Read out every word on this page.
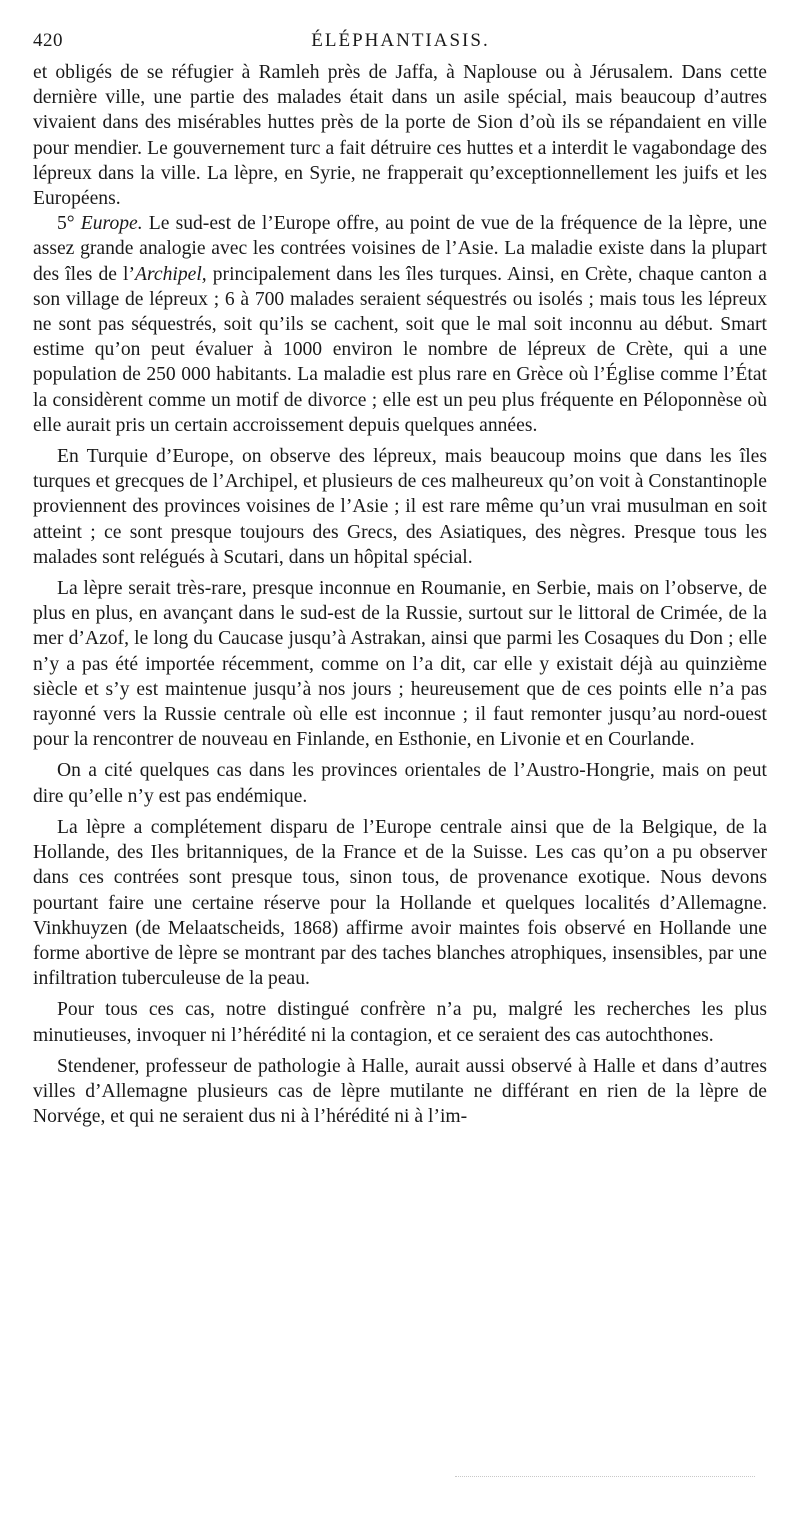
420	ÉLÉPHANTIASIS.

et obligés de se réfugier à Ramleh près de Jaffa, à Naplouse ou à Jérusalem. Dans cette dernière ville, une partie des malades était dans un asile spécial, mais beaucoup d’autres vivaient dans des misérables huttes près de la porte de Sion d’où ils se répandaient en ville pour mendier. Le gouvernement turc a fait détruire ces huttes et a interdit le vagabondage des lépreux dans la ville. La lèpre, en Syrie, ne frapperait qu’exceptionnellement les juifs et les Européens.

5° Europe. Le sud-est de l’Europe offre, au point de vue de la fréquence de la lèpre, une assez grande analogie avec les contrées voisines de l’Asie. La maladie existe dans la plupart des îles de l’Archipel, principalement dans les îles turques. Ainsi, en Crète, chaque canton a son village de lépreux ; 6 à 700 malades seraient séquestrés ou isolés ; mais tous les lépreux ne sont pas séquestrés, soit qu’ils se cachent, soit que le mal soit inconnu au début. Smart estime qu’on peut évaluer à 1000 environ le nombre de lépreux de Crète, qui a une population de 250 000 habitants. La maladie est plus rare en Grèce où l’Église comme l’État la considèrent comme un motif de divorce ; elle est un peu plus fréquente en Péloponnèse où elle aurait pris un certain accroissement depuis quelques années.

En Turquie d’Europe, on observe des lépreux, mais beaucoup moins que dans les îles turques et grecques de l’Archipel, et plusieurs de ces malheureux qu’on voit à Constantinople proviennent des provinces voisines de l’Asie ; il est rare même qu’un vrai musulman en soit atteint ; ce sont presque toujours des Grecs, des Asiatiques, des nègres. Presque tous les malades sont relégués à Scutari, dans un hôpital spécial.

La lèpre serait très-rare, presque inconnue en Roumanie, en Serbie, mais on l’observe, de plus en plus, en avançant dans le sud-est de la Russie, surtout sur le littoral de Crimée, de la mer d’Azof, le long du Caucase jusqu’à Astrakan, ainsi que parmi les Cosaques du Don ; elle n’y a pas été importée récemment, comme on l’a dit, car elle y existait déjà au quinzième siècle et s’y est maintenue jusqu’à nos jours ; heureusement que de ces points elle n’a pas rayonné vers la Russie centrale où elle est inconnue ; il faut remonter jusqu’au nord-ouest pour la rencontrer de nouveau en Finlande, en Esthonie, en Livonie et en Courlande.

On a cité quelques cas dans les provinces orientales de l’Austro-Hongrie, mais on peut dire qu’elle n’y est pas endémique.

La lèpre a complétement disparu de l’Europe centrale ainsi que de la Belgique, de la Hollande, des Iles britanniques, de la France et de la Suisse. Les cas qu’on a pu observer dans ces contrées sont presque tous, sinon tous, de provenance exotique. Nous devons pourtant faire une certaine réserve pour la Hollande et quelques localités d’Allemagne. Vinkhuyzen (de Melaatscheids, 1868) affirme avoir maintes fois observé en Hollande une forme abortive de lèpre se montrant par des taches blanches atrophiques, insensibles, par une infiltration tuberculeuse de la peau.

Pour tous ces cas, notre distingué confrère n’a pu, malgré les recherches les plus minutieuses, invoquer ni l’hérédité ni la contagion, et ce seraient des cas autochthones.

Stendener, professeur de pathologie à Halle, aurait aussi observé à Halle et dans d’autres villes d’Allemagne plusieurs cas de lèpre mutilante ne différant en rien de la lèpre de Norvége, et qui ne seraient dus ni à l’hérédité ni à l’im-
